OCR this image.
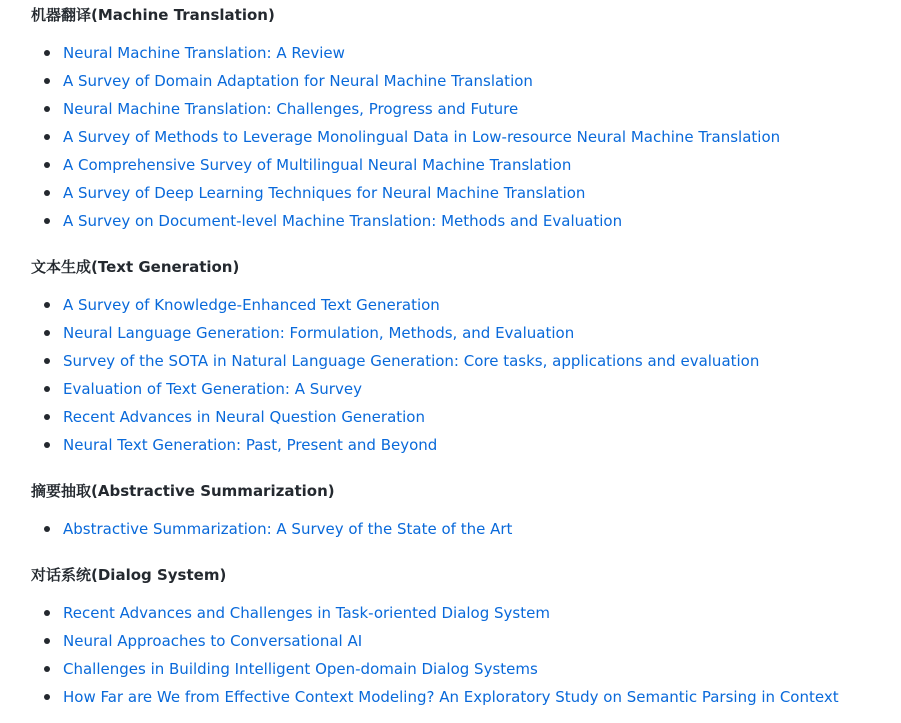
机器翻译(Machine Translation)
Neural Machine Translation: A Review
A Survey of Domain Adaptation for Neural Machine Translation
Neural Machine Translation: Challenges, Progress and Future
A Survey of Methods to Leverage Monolingual Data in Low-resource Neural Machine Translation
A Comprehensive Survey of Multilingual Neural Machine Translation
A Survey of Deep Learning Techniques for Neural Machine Translation
A Survey on Document-level Machine Translation: Methods and Evaluation
文本生成(Text Generation)
A Survey of Knowledge-Enhanced Text Generation
Neural Language Generation: Formulation, Methods, and Evaluation
Survey of the SOTA in Natural Language Generation: Core tasks, applications and evaluation
Evaluation of Text Generation: A Survey
Recent Advances in Neural Question Generation
Neural Text Generation: Past, Present and Beyond
摘要抽取(Abstractive Summarization)
Abstractive Summarization: A Survey of the State of the Art
对话系统(Dialog System)
Recent Advances and Challenges in Task-oriented Dialog System
Neural Approaches to Conversational AI
Challenges in Building Intelligent Open-domain Dialog Systems
How Far are We from Effective Context Modeling? An Exploratory Study on Semantic Parsing in Context
